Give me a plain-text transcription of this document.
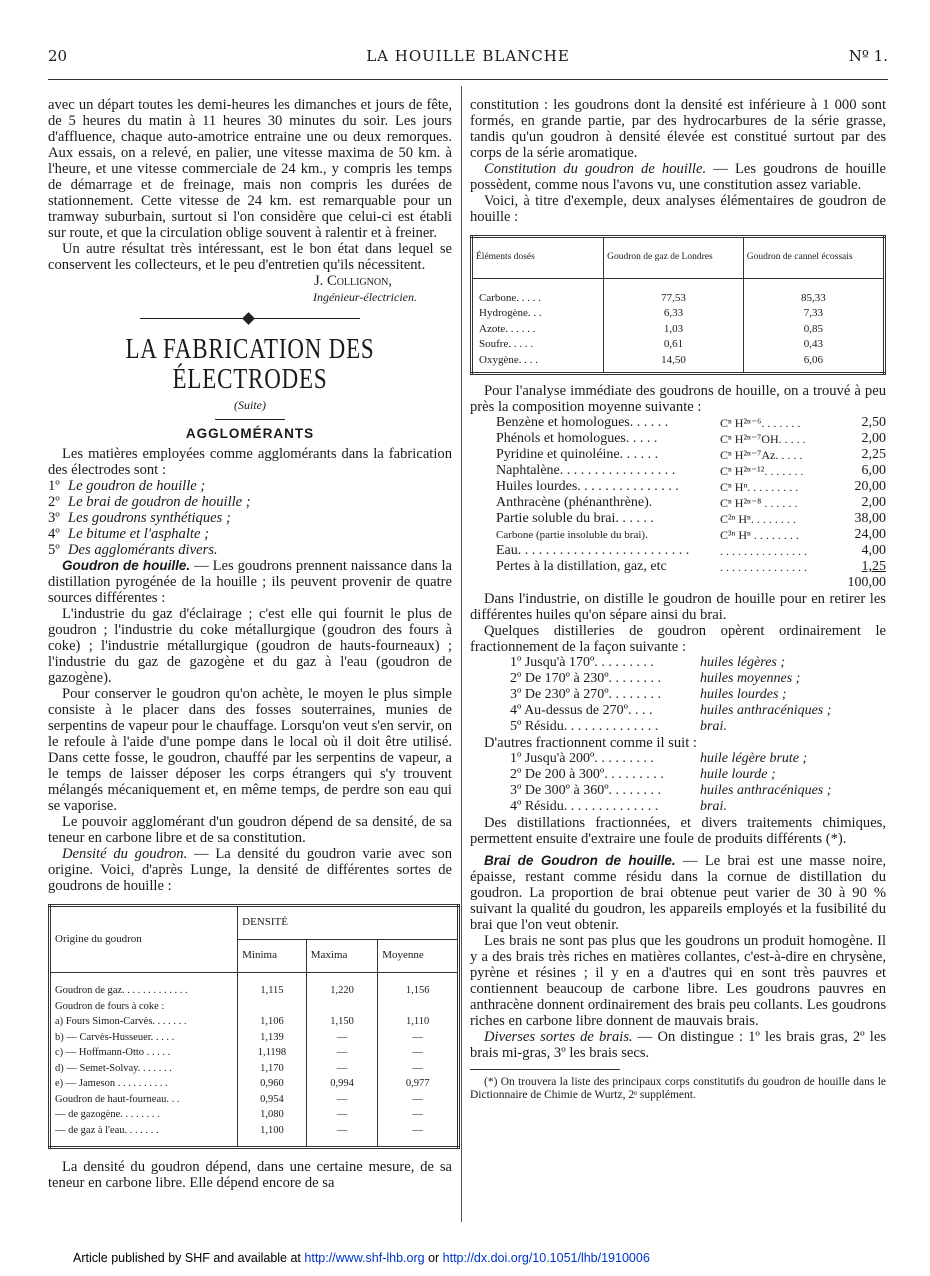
20	LA HOUILLE BLANCHE	Nº 1.

avec un départ toutes les demi-heures les dimanches et jours de fête, de 5 heures du matin à 11 heures 30 minutes du soir. Les jours d'affluence, chaque auto-amotrice entraine une ou deux remorques. Aux essais, on a relevé, en palier, une vitesse maxima de 50 km. à l'heure, et une vitesse commerciale de 24 km., y compris les temps de démarrage et de freinage, mais non compris les durées de stationnement. Cette vitesse de 24 km. est remarquable pour un tramway suburbain, surtout si l'on considère que celui-ci est établi sur route, et que la circulation oblige souvent à ralentir et à freiner.

Un autre résultat très intéressant, est le bon état dans lequel se conservent les collecteurs, et le peu d'entretien qu'ils nécessitent.

J. Collignon,
Ingénieur-électricien.
LA FABRICATION DES ÉLECTRODES
(Suite)
AGGLOMÉRANTS

Les matières employées comme agglomérants dans la fabrication des électrodes sont :

1º Le goudron de houille ;
2º Le brai de goudron de houille ;
3º Les goudrons synthétiques ;
4º Le bitume et l'asphalte ;
5º Des agglomérants divers.

Goudron de houille. — Les goudrons prennent naissance dans la distillation pyrogénée de la houille ; ils peuvent provenir de quatre sources différentes :

L'industrie du gaz d'éclairage ; c'est elle qui fournit le plus de goudron ; l'industrie du coke métallurgique (goudron des fours à coke) ; l'industrie métallurgique (goudron de hauts-fourneaux) ; l'industrie du gaz de gazogène et du gaz à l'eau (goudron de gazogène).

Pour conserver le goudron qu'on achète, le moyen le plus simple consiste à le placer dans des fosses souterraines, munies de serpentins de vapeur pour le chauffage. Lorsqu'on veut s'en servir, on le refoule à l'aide d'une pompe dans le local où il doit être utilisé. Dans cette fosse, le goudron, chauffé par les serpentins de vapeur, a le temps de laisser déposer les corps étrangers qui s'y trouvent mélangés mécaniquement et, en même temps, de perdre son eau qui se vaporise.

Le pouvoir agglomérant d'un goudron dépend de sa densité, de sa teneur en carbone libre et de sa constitution.

Densité du goudron. — La densité du goudron varie avec son origine. Voici, d'après Lunge, la densité de différentes sortes de goudrons de houille :

Origine du goudron	DENSITÉ		
	Minima	Maxima	Moyenne
Goudron de gaz. . . . . . . . . . . . .	1,115	1,220	1,156
Goudron de fours à coke :			
a) Fours Simon-Carvès. . . . . . .	1,106	1,150	1,110
b) — Carvès-Husseuer. . . . .	1,139	—	—
c) — Hoffmann-Otto . . . . .	1,1198	—	—
d) — Semet-Solvay. . . . . . .	1,170	—	—
e) — Jameson . . . . . . . . . .	0,960	0,994	0,977
Goudron de haut-fourneau. . .	0,954	—	—
— de gazogène. . . . . . . .	1,080	—	—
— de gaz à l'eau. . . . . . .	1,100	—	—

La densité du goudron dépend, dans une certaine mesure, de sa teneur en carbone libre. Elle dépend encore de sa

constitution : les goudrons dont la densité est inférieure à 1 000 sont formés, en grande partie, par des hydrocarbures de la série grasse, tandis qu'un goudron à densité élevée est constitué surtout par des corps de la série aromatique.

Constitution du goudron de houille. — Les goudrons de houille possèdent, comme nous l'avons vu, une constitution assez variable.

Voici, à titre d'exemple, deux analyses élémentaires de goudron de houille :

Éléments dosés	Goudron de gaz de Londres	Goudron de cannel écossais
Carbone. . . . .	77,53	85,33
Hydrogène. . .	6,33	7,33
Azote. . . . . .	1,03	0,85
Soufre. . . . .	0,61	0,43
Oxygène. . . .	14,50	6,06

Pour l'analyse immédiate des goudrons de houille, on a trouvé à peu près la composition moyenne suivante :

Benzène et homologues. . . . . .	Cⁿ H²ⁿ⁻⁶. . . . . . .	2,50
Phénols et homologues. . . . .	Cⁿ H²ⁿ⁻⁷OH. . . . .	2,00
Pyridine et quinoléine. . . . . .	Cⁿ H²ⁿ⁻⁷Az. . . . .	2,25
Naphtalène. . . . . . . . . . . . . . . . .	Cⁿ H²ⁿ⁻¹². . . . . . .	6,00
Huiles lourdes. . . . . . . . . . . . . . .	Cⁿ Hⁿ. . . . . . . . .	20,00
Anthracène (phénanthrène).	Cⁿ H²ⁿ⁻⁸ . . . . . .	2,00
Partie soluble du brai. . . . . .	C²ⁿ Hⁿ. . . . . . . .	38,00
Carbone (partie insoluble du brai).	C³ⁿ Hⁿ . . . . . . . .	24,00
Eau. . . . . . . . . . . . . . . . . . . . . . . . .	. . . . . . . . . . . . . . .	4,00
Pertes à la distillation, gaz, etc	. . . . . . . . . . . . . . .	1,25
100,00

Dans l'industrie, on distille le goudron de houille pour en retirer les différentes huiles qu'on sépare ainsi du brai.

Quelques distilleries de goudron opèrent ordinairement le fractionnement de la façon suivante :

1º Jusqu'à 170º. . . . . . . . .	huiles légères ;
2º De 170º à 230º. . . . . . . .	huiles moyennes ;
3º De 230º à 270º. . . . . . . .	huiles lourdes ;
4º Au-dessus de 270º. . . .	huiles anthracéniques ;
5º Résidu. . . . . . . . . . . . . .	brai.

D'autres fractionnent comme il suit :

1º Jusqu'à 200º. . . . . . . . .	huile légère brute ;
2º De 200 à 300º. . . . . . . . .	huile lourde ;
3º De 300º à 360º. . . . . . . .	huiles anthracéniques ;
4º Résidu. . . . . . . . . . . . . .	brai.

Des distillations fractionnées, et divers traitements chimiques, permettent ensuite d'extraire une foule de produits différents (*).

Brai de Goudron de houille. — Le brai est une masse noire, épaisse, restant comme résidu dans la cornue de distillation du goudron. La proportion de brai obtenue peut varier de 30 à 90 % suivant la qualité du goudron, les appareils employés et la fusibilité du brai que l'on veut obtenir.

Les brais ne sont pas plus que les goudrons un produit homogène. Il y a des brais très riches en matières collantes, c'est-à-dire en chrysène, pyrène et résines ; il y en a d'autres qui en sont très pauvres et contiennent beaucoup de carbone libre. Les goudrons pauvres en anthracène donnent ordinairement des brais peu collants. Les goudrons riches en carbone libre donnent de mauvais brais.

Diverses sortes de brais. — On distingue : 1º les brais gras, 2º les brais mi-gras, 3º les brais secs.

(*) On trouvera la liste des principaux corps constitutifs du goudron de houille dans le Dictionnaire de Chimie de Wurtz, 2ᵉ supplément.

Article published by SHF and available at http://www.shf-lhb.org or http://dx.doi.org/10.1051/lhb/1910006
